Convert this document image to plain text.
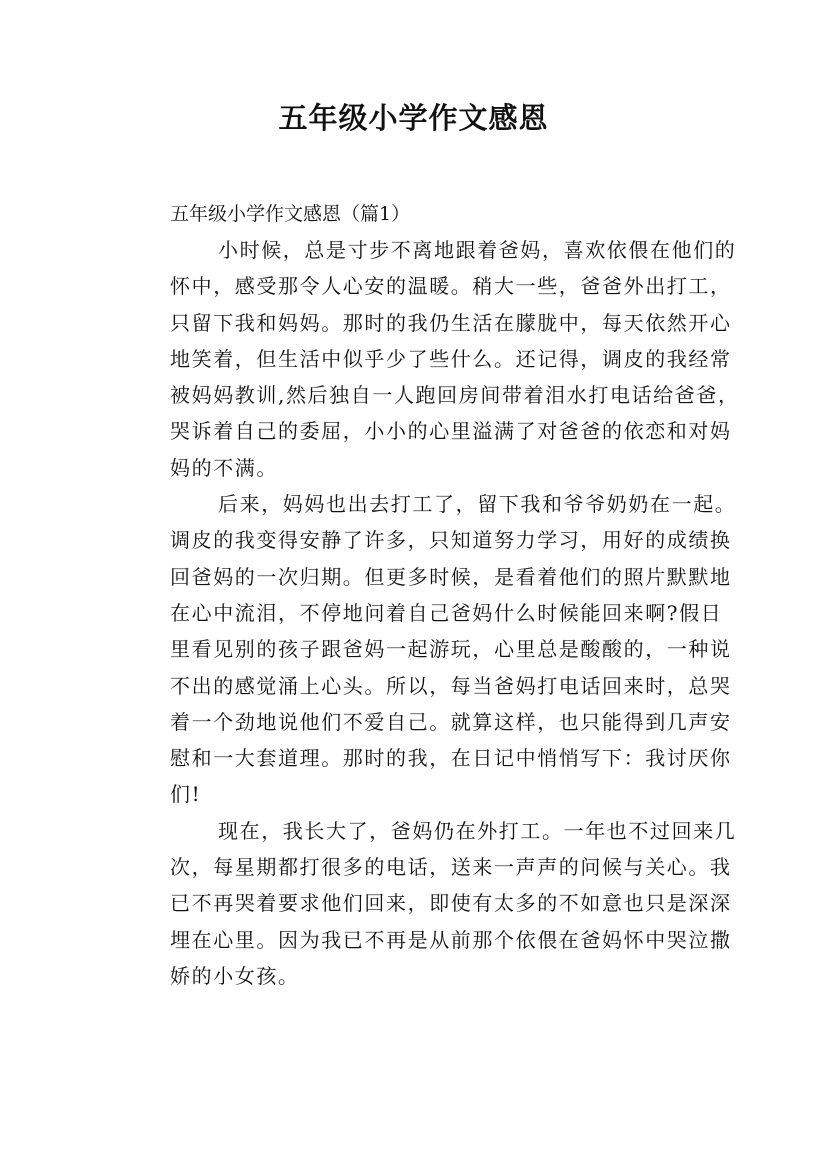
五年级小学作文感恩

五年级小学作文感恩（篇1）

小时候，总是寸步不离地跟着爸妈，喜欢依偎在他们的
怀中，感受那令人心安的温暖。稍大一些，爸爸外出打工，
只留下我和妈妈。那时的我仍生活在朦胧中，每天依然开心
地笑着，但生活中似乎少了些什么。还记得，调皮的我经常
被妈妈教训,然后独自一人跑回房间带着泪水打电话给爸爸，
哭诉着自己的委屈，小小的心里溢满了对爸爸的依恋和对妈
妈的不满。
后来，妈妈也出去打工了，留下我和爷爷奶奶在一起。
调皮的我变得安静了许多，只知道努力学习，用好的成绩换
回爸妈的一次归期。但更多时候，是看着他们的照片默默地
在心中流泪，不停地问着自己爸妈什么时候能回来啊?假日
里看见别的孩子跟爸妈一起游玩，心里总是酸酸的，一种说
不出的感觉涌上心头。所以，每当爸妈打电话回来时，总哭
着一个劲地说他们不爱自己。就算这样，也只能得到几声安
慰和一大套道理。那时的我，在日记中悄悄写下：我讨厌你
们!
现在，我长大了，爸妈仍在外打工。一年也不过回来几
次，每星期都打很多的电话，送来一声声的问候与关心。我
已不再哭着要求他们回来，即使有太多的不如意也只是深深
埋在心里。因为我已不再是从前那个依偎在爸妈怀中哭泣撒
娇的小女孩。
